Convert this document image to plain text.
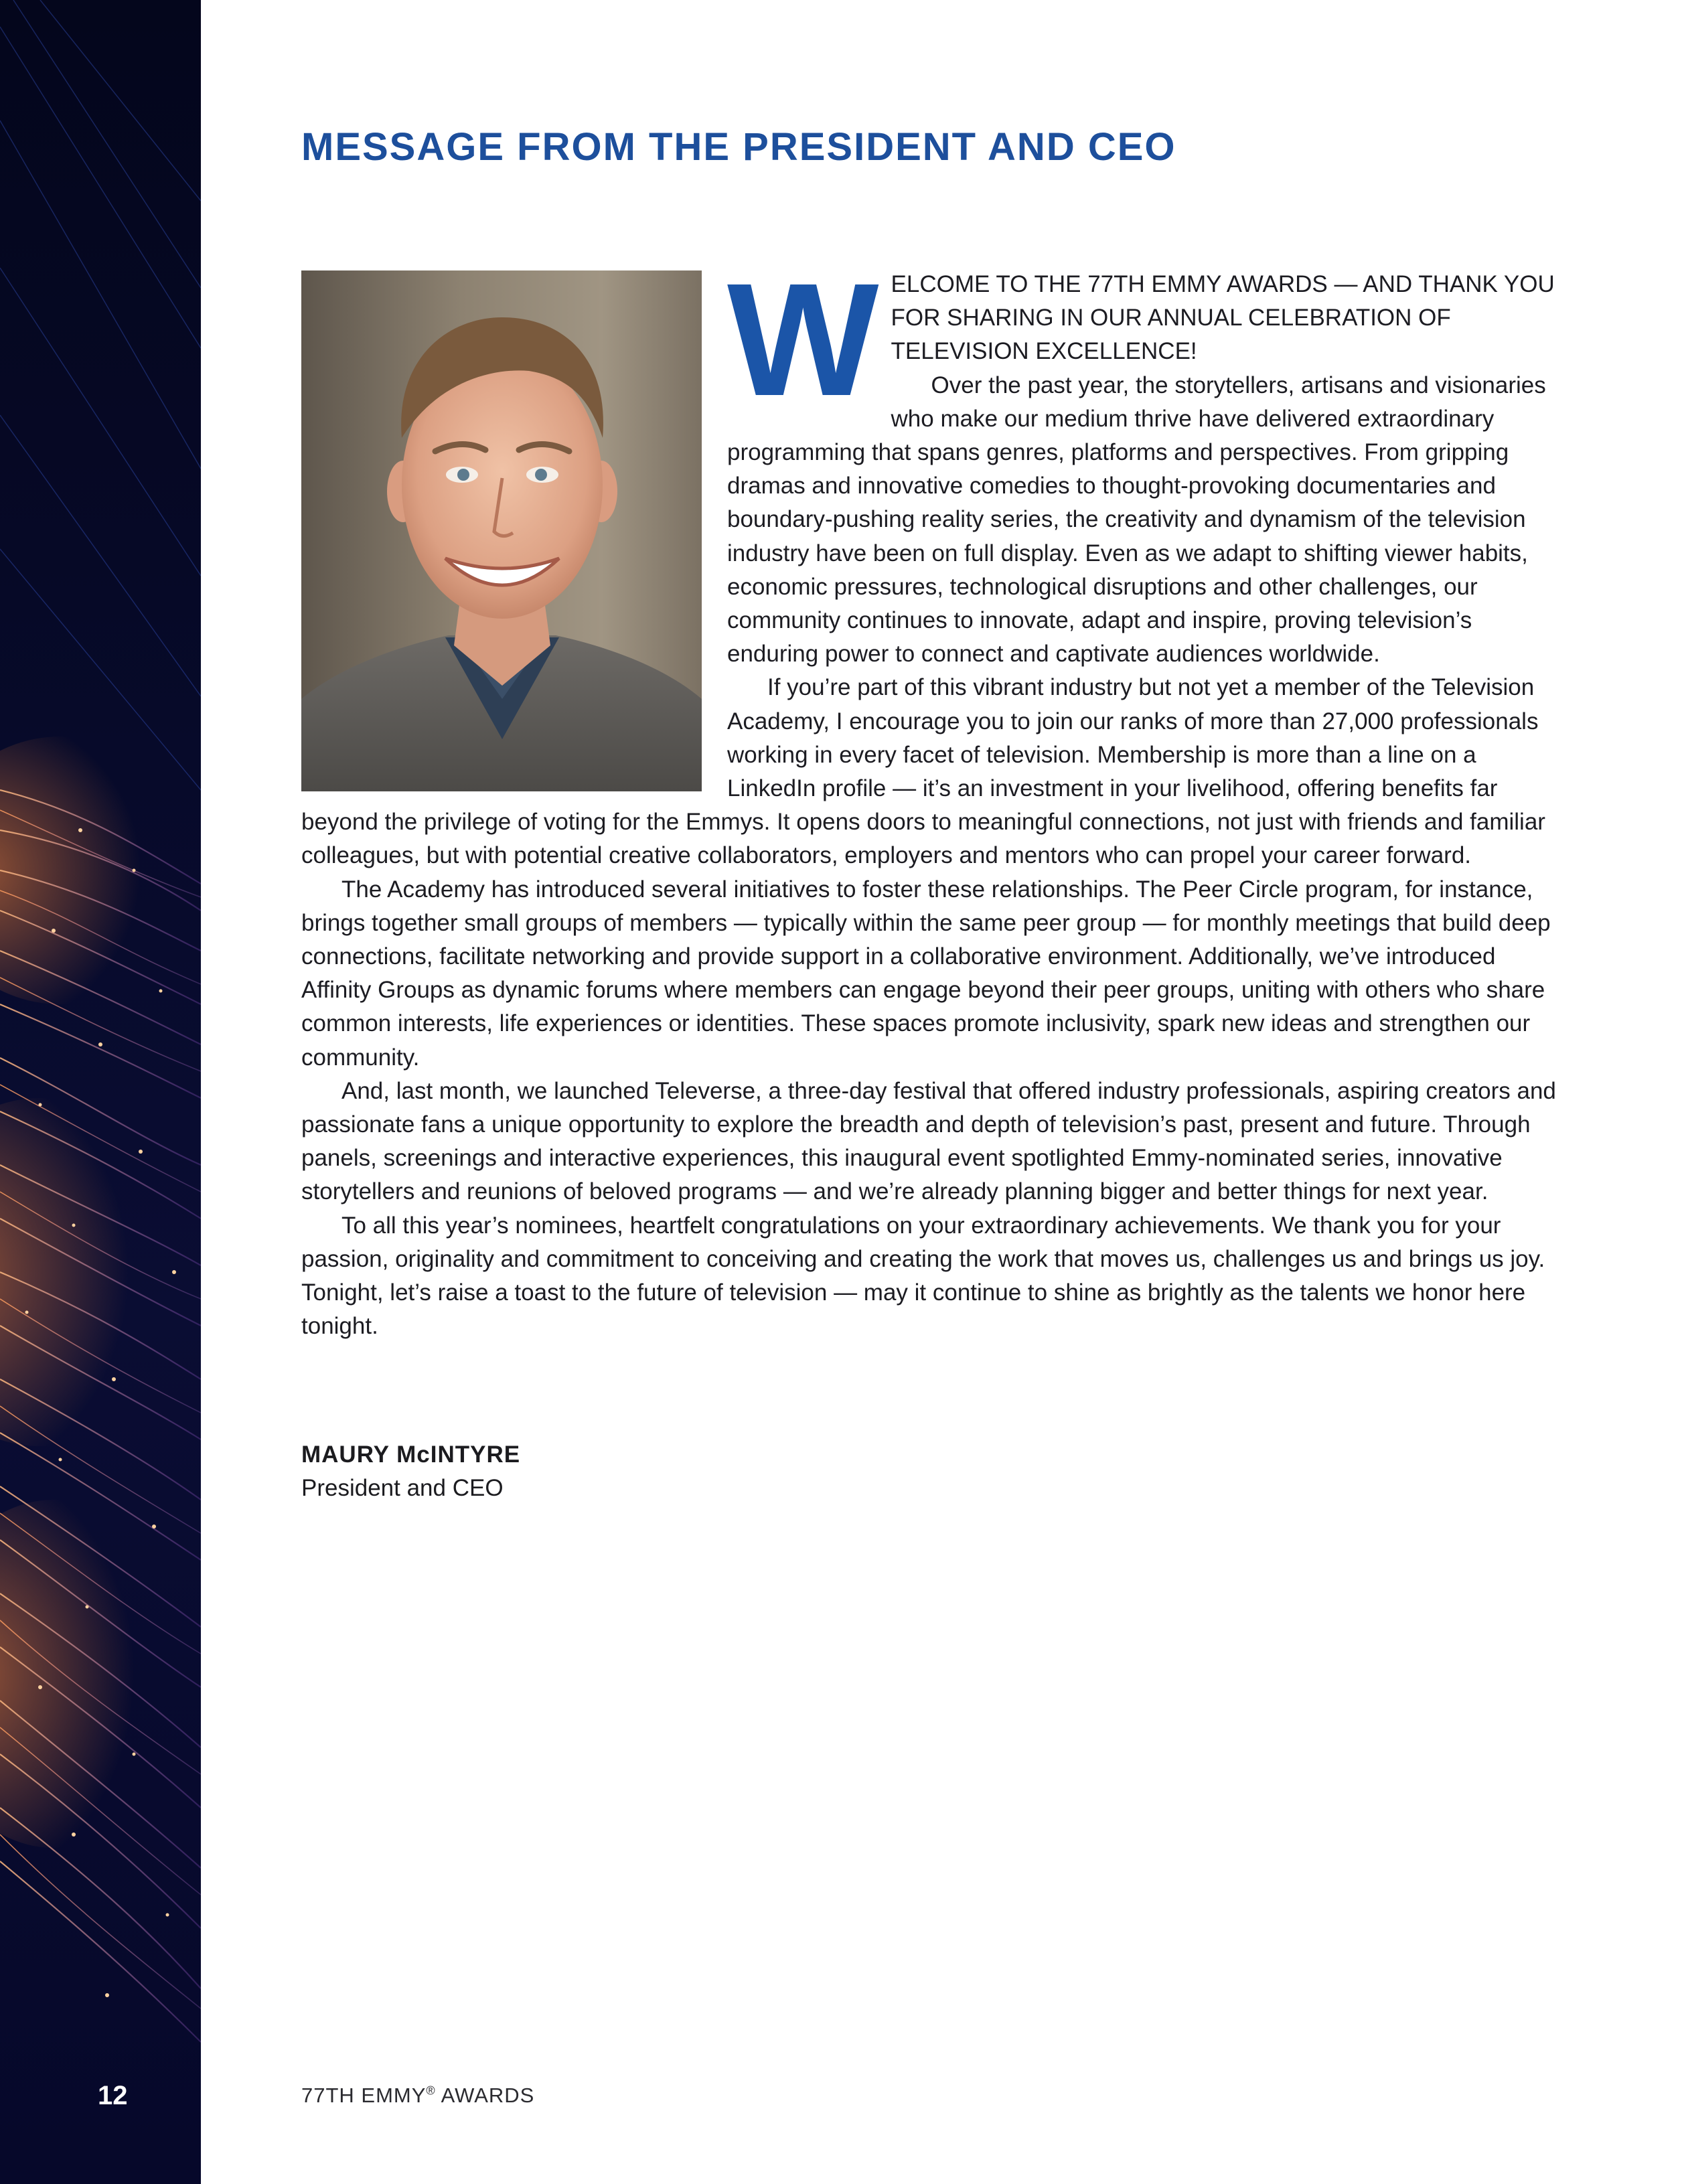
12
MESSAGE FROM THE PRESIDENT AND CEO
W ELCOME TO THE 77TH EMMY AWARDS — AND THANK YOU FOR SHARING IN OUR ANNUAL CELEBRATION OF TELEVISION EXCELLENCE!

Over the past year, the storytellers, artisans and visionaries who make our medium thrive have delivered extraordinary programming that spans genres, platforms and perspectives. From gripping dramas and innovative comedies to thought-provoking documentaries and boundary-pushing reality series, the creativity and dynamism of the television industry have been on full display. Even as we adapt to shifting viewer habits, economic pressures, technological disruptions and other challenges, our community continues to innovate, adapt and inspire, proving television’s enduring power to connect and captivate audiences worldwide.

If you’re part of this vibrant industry but not yet a member of the Television Academy, I encourage you to join our ranks of more than 27,000 professionals working in every facet of television. Membership is more than a line on a LinkedIn profile — it’s an investment in your livelihood, offering benefits far beyond the privilege of voting for the Emmys. It opens doors to meaningful connections, not just with friends and familiar colleagues, but with potential creative collaborators, employers and mentors who can propel your career forward.

The Academy has introduced several initiatives to foster these relationships. The Peer Circle program, for instance, brings together small groups of members — typically within the same peer group — for monthly meetings that build deep connections, facilitate networking and provide support in a collaborative environment. Additionally, we’ve introduced Affinity Groups as dynamic forums where members can engage beyond their peer groups, uniting with others who share common interests, life experiences or identities. These spaces promote inclusivity, spark new ideas and strengthen our community.

And, last month, we launched Televerse, a three-day festival that offered industry professionals, aspiring creators and passionate fans a unique opportunity to explore the breadth and depth of television’s past, present and future. Through panels, screenings and interactive experiences, this inaugural event spotlighted Emmy-nominated series, innovative storytellers and reunions of beloved programs — and we’re already planning bigger and better things for next year.

To all this year’s nominees, heartfelt congratulations on your extraordinary achievements. We thank you for your passion, originality and commitment to conceiving and creating the work that moves us, challenges us and brings us joy. Tonight, let’s raise a toast to the future of television — may it continue to shine as brightly as the talents we honor here tonight.

MAURY McINTYRE
President and CEO
77TH EMMY® AWARDS
